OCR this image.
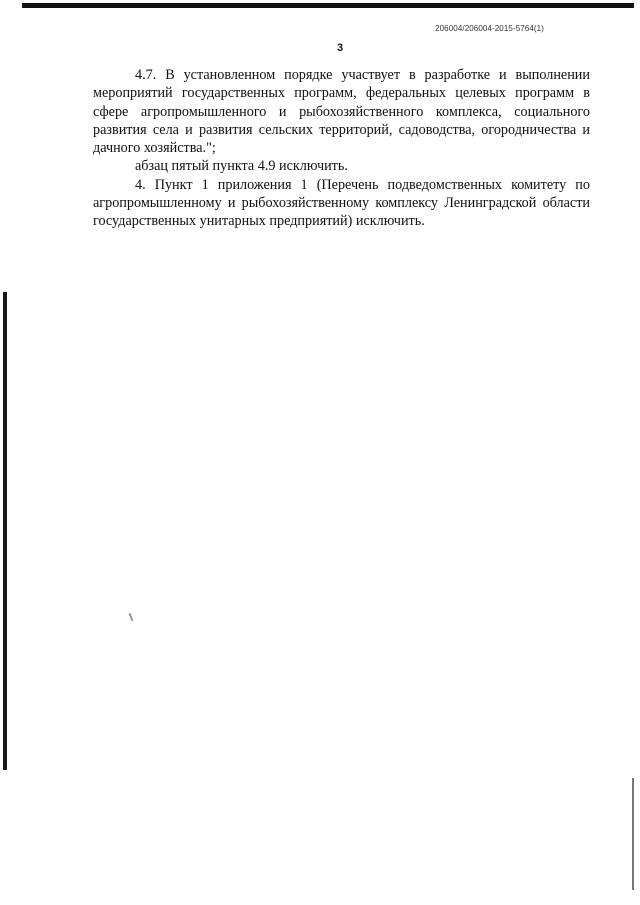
206004/206004-2015-5764(1)
3

4.7. В установленном порядке участвует в разработке и выполнении мероприятий государственных программ, федеральных целевых программ в сфере агропромышленного и рыбохозяйственного комплекса, социального развития села и развития сельских территорий, садоводства, огородничества и дачного хозяйства.";

абзац пятый пункта 4.9 исключить.

4. Пункт 1 приложения 1 (Перечень подведомственных комитету по агропромышленному и рыбохозяйственному комплексу Ленинградской области государственных унитарных предприятий) исключить.
